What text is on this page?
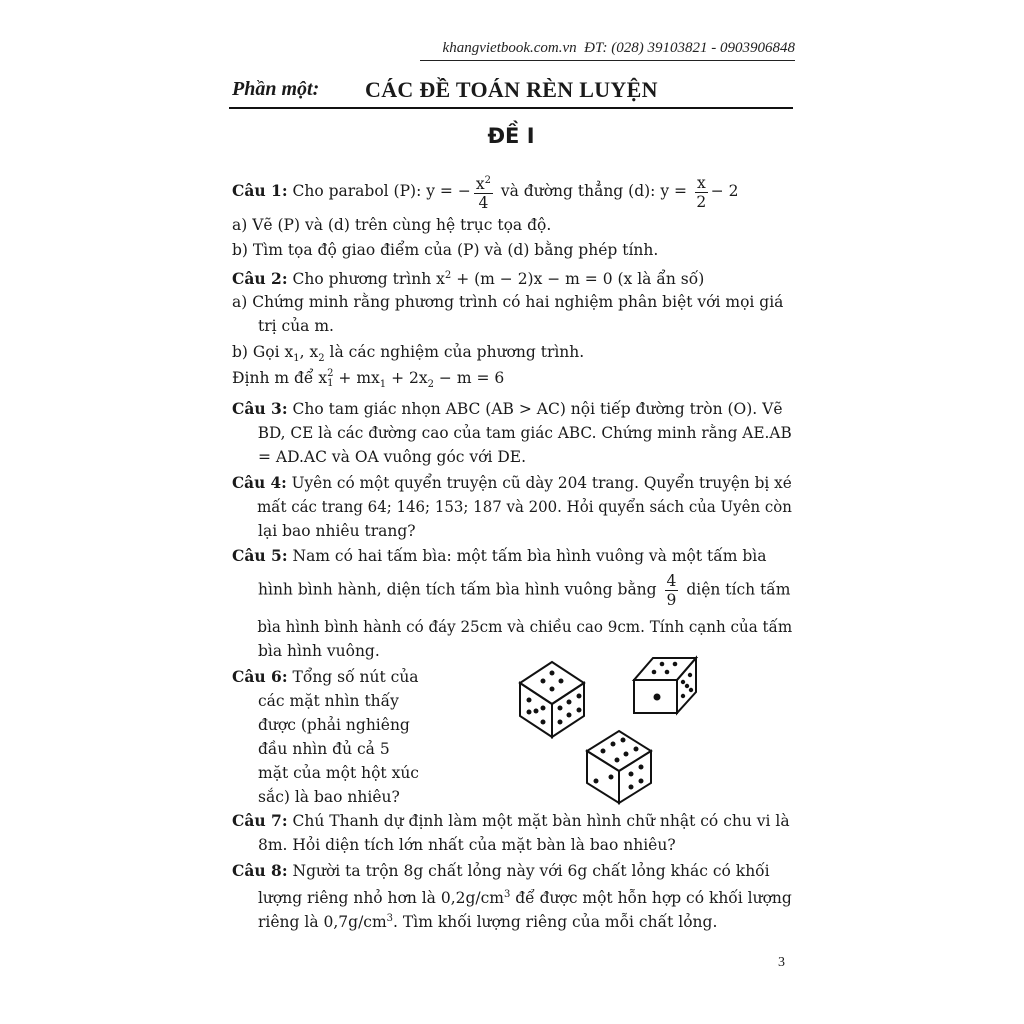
khangvietbook.com.vn ĐT: (028) 39103821 - 0903906848
Phần một: CÁC ĐỀ TOÁN RÈN LUYỆN
ĐỀ I
Câu 1: Cho parabol (P): y = − $\frac{x^2}{4}$ và đường thẳng (d): $y = \frac{x}{2} - 2$
a) Vẽ (P) và (d) trên cùng hệ trục tọa độ.
b) Tìm tọa độ giao điểm của (P) và (d) bằng phép tính.
Câu 2: Cho phương trình $x^2 + (m - 2)x - m = 0$ (x là ẩn số)
a) Chứng minh rằng phương trình có hai nghiệm phân biệt với mọi giá
trị của m.
b) Gọi $x_1$, $x_2$ là các nghiệm của phương trình.
Định m để x 2
$1 + mx_1 + 2x_2 - m = 6$
Câu 3: Cho tam giác nhọn ABC (AB > AC) nội tiếp đường tròn (O). Vẽ
BD, CE là các đường cao của tam giác ABC. Chứng minh rằng AE.AB
= AD.AC và OA vuông góc với DE.
Câu 4: Uyên có một quyển truyện cũ dày 204 trang. Quyển truyện bị xé
mất các trang 64; 146; 153; 187 và 200. Hỏi quyển sách của Uyên còn
lại bao nhiêu trang?
Câu 5: Nam có hai tấm bìa: một tấm bìa hình vuông và một tấm bìa
hình bình hành, diện tích tấm bìa hình vuông bằng $\frac{4}{9}$ diện tích tấm
bìa hình bình hành có đáy 25cm và chiều cao 9cm. Tính cạnh của tấm
bìa hình vuông.
Câu 6: Tổng số nút của
các mặt nhìn thấy
được (phải nghiêng
đầu nhìn đủ cả 5
mặt của một hột xúc
sắc) là bao nhiêu?
Câu 7: Chú Thanh dự định làm một mặt bàn hình chữ nhật có chu vi là
8m. Hỏi diện tích lớn nhất của mặt bàn là bao nhiêu?
Câu 8: Người ta trộn 8g chất lỏng này với 6g chất lỏng khác có khối
lượng riêng nhỏ hơn là $0,2g/cm^3$ để được một hỗn hợp có khối lượng
riêng là $0,7g/cm^3$. Tìm khối lượng riêng của mỗi chất lỏng.
3
